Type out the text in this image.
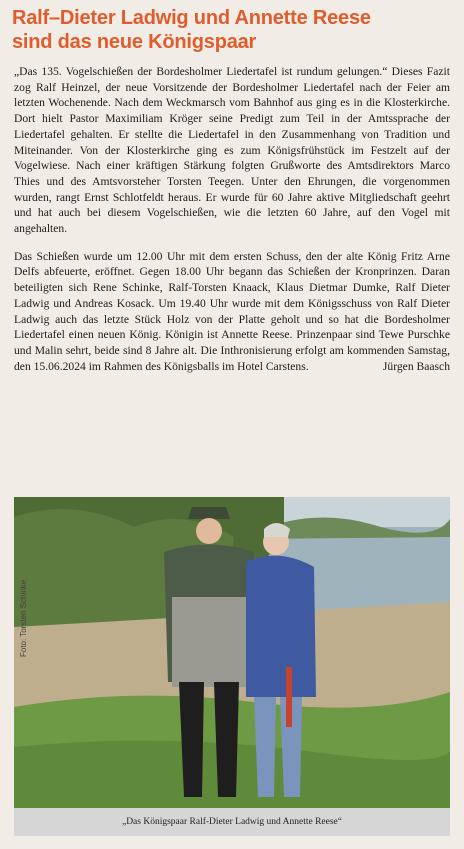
Ralf–Dieter Ladwig und Annette Reese
sind das neue Königspaar

„Das 135. Vogelschießen der Bordesholmer Liedertafel ist rundum gelungen.“ Dieses Fazit zog Ralf Heinzel, der neue Vorsitzende der Bordesholmer Liedertafel nach der Feier am letzten Wochenende. Nach dem Weckmarsch vom Bahnhof aus ging es in die Klosterkirche. Dort hielt Pastor Maximiliam Kröger seine Predigt zum Teil in der Amtssprache der Liedertafel gehalten. Er stellte die Liedertafel in den Zusammenhang von Tradition und Miteinander. Von der Klosterkirche ging es zum Königsfrühstück im Festzelt auf der Vogelwiese. Nach einer kräftigen Stärkung folgten Grußworte des Amtsdirektors Marco Thies und des Amtsvorsteher Torsten Teegen. Unter den Ehrungen, die vorgenommen wurden, rangt Ernst Schlotfeldt heraus. Er wurde für 60 Jahre aktive Mitgliedschaft geehrt und hat auch bei diesem Vogelschießen, wie die letzten 60 Jahre, auf den Vogel mit angehalten.

Das Schießen wurde um 12.00 Uhr mit dem ersten Schuss, den der alte König Fritz Arne Delfs abfeuerte, eröffnet. Gegen 18.00 Uhr begann das Schießen der Kronprinzen. Daran beteiligten sich Rene Schinke, Ralf-Torsten Knaack, Klaus Dietmar Dumke, Ralf Dieter Ladwig und Andreas Kosack. Um 19.40 Uhr wurde mit dem Königsschuss von Ralf Dieter Ladwig auch das letzte Stück Holz von der Platte geholt und so hat die Bordesholmer Liedertafel einen neuen König. Königin ist Annette Reese. Prinzenpaar sind Tewe Purschke und Malin sehrt, beide sind 8 Jahre alt. Die Inthronisierung erfolgt am kommenden Samstag, den 15.06.2024 im Rahmen des Königsballs im Hotel Carstens.	Jürgen Baasch

Foto: Torsten Schinke
„Das Königspaar Ralf-Dieter Ladwig und Annette Reese“
